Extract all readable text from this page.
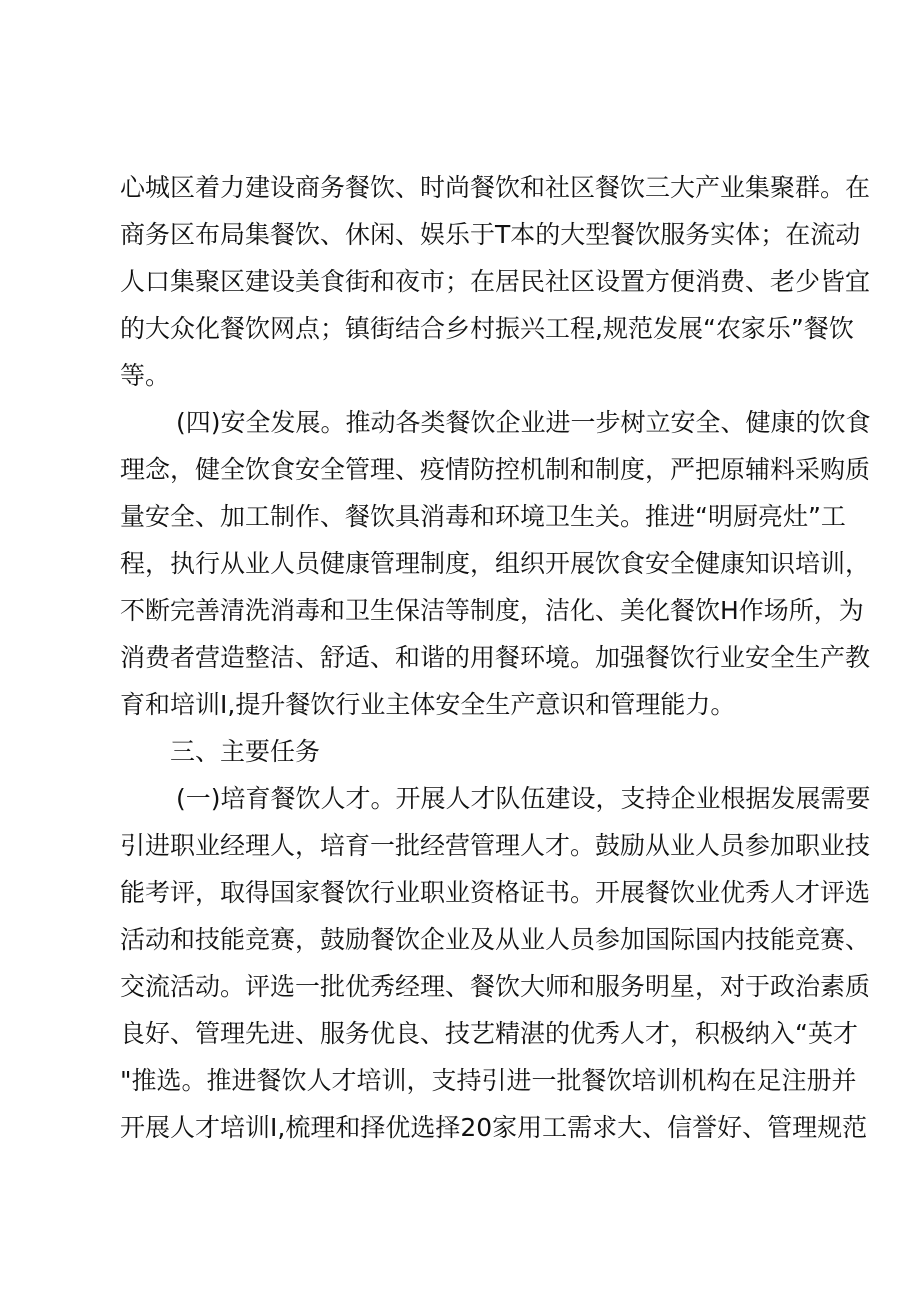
心城区着力建设商务餐饮、时尚餐饮和社区餐饮三大产业集聚群。在
商务区布局集餐饮、休闲、娱乐于T本的大型餐饮服务实体；在流动
人口集聚区建设美食街和夜市；在居民社区设置方便消费、老少皆宜
的大众化餐饮网点；镇街结合乡村振兴工程,规范发展“农家乐”餐饮
等。
(四)安全发展。推动各类餐饮企业进一步树立安全、健康的饮食
理念，健全饮食安全管理、疫情防控机制和制度，严把原辅料采购质
量安全、加工制作、餐饮具消毒和环境卫生关。推进“明厨亮灶”工
程，执行从业人员健康管理制度，组织开展饮食安全健康知识培训，
不断完善清洗消毒和卫生保洁等制度，洁化、美化餐饮H作场所，为
消费者营造整洁、舒适、和谐的用餐环境。加强餐饮行业安全生产教
育和培训I,提升餐饮行业主体安全生产意识和管理能力。
三、主要任务
(一)培育餐饮人才。开展人才队伍建设，支持企业根据发展需要
引进职业经理人，培育一批经营管理人才。鼓励从业人员参加职业技
能考评，取得国家餐饮行业职业资格证书。开展餐饮业优秀人才评选
活动和技能竞赛，鼓励餐饮企业及从业人员参加国际国内技能竞赛、
交流活动。评选一批优秀经理、餐饮大师和服务明星，对于政治素质
良好、管理先进、服务优良、技艺精湛的优秀人才，积极纳入“英才
"推选。推进餐饮人才培训，支持引进一批餐饮培训机构在足注册并
开展人才培训I,梳理和择优选择20家用工需求大、信誉好、管理规范
